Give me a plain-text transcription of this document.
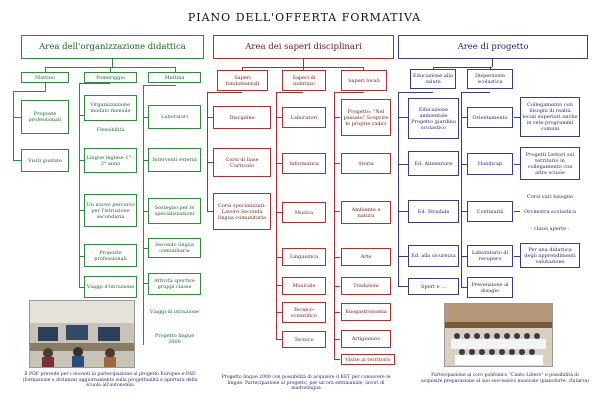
PIANO DELL'OFFERTA FORMATIVA
Area dell'organizzazione didattica	Area dei saperi disciplinari	Aree di progetto
Mattino
Proposte professionali
Visiti guidate
Pomeriggio
Organizzazione modulo mensile
Flessibilità
Lingue inglese 1° - 3° anno
Un nuovo percorso per l'istruzione secondaria
Proposte professionali
Viaggi d'istruzione
Mattina
Laboratori
Interventi esterni
Sostegno per le specializzazioni
Secondo lingua comunitaria
Attività sportive gruppi classe
Viaggi di istruzione
Progetto lingue 2000
Saperi fondamentali
Discipline
Corsi di base Curricolo
Corsi specializzati: Lavoro Seconda lingua comunitaria
Saperi di indirizzo
Laboratori
Informatica
Musica
Linguistica
Musicale
Tecnico-scientifico
Tecnico
Saperi locali
Progetto: "Nel passato" Scoprire le proprie radici
Storia
Ambiente e natura
Arte
Tradizioni
Enogastronomia
Artigianato
Visite al territorio
Educazione alla salute
Educazione ambientale Progetto giardino scolastico
Ed. Alimentare
Ed. Stradale
Ed. alla sicurezza
Sport e ...
Dispersione scolastica
Orientamento
Handicap
Continuità
Laboratorio di recupero
Prevenzione al disagio
Collegamento con bisogni di realtà locali superiori anche in rete programmi comuni
Progetti Lettori sul territorio in collegamento con altre scuole
Corsi vari bisogno
Orchestra scolastica
- classi aperte -
Per una didattica degli apprendimenti valutazione
Il POF prevede per i docenti la partecipazione al progetto Europeo e-FAD (formazione a distanza) aggiornamento sulla progettualità e apertura della scuola all'autonomia
Progetto lingue 2000 con possibilità di acquisire il KET per conoscere le lingue. Partecipazione al progetto, per un'ora settimanale, lavori di madrelingua
Partecipazione al coro polifonico "Canto Libero" e possibilità di acquisire preparazione al suo successivo musicale (pianoforte, chitarra)
